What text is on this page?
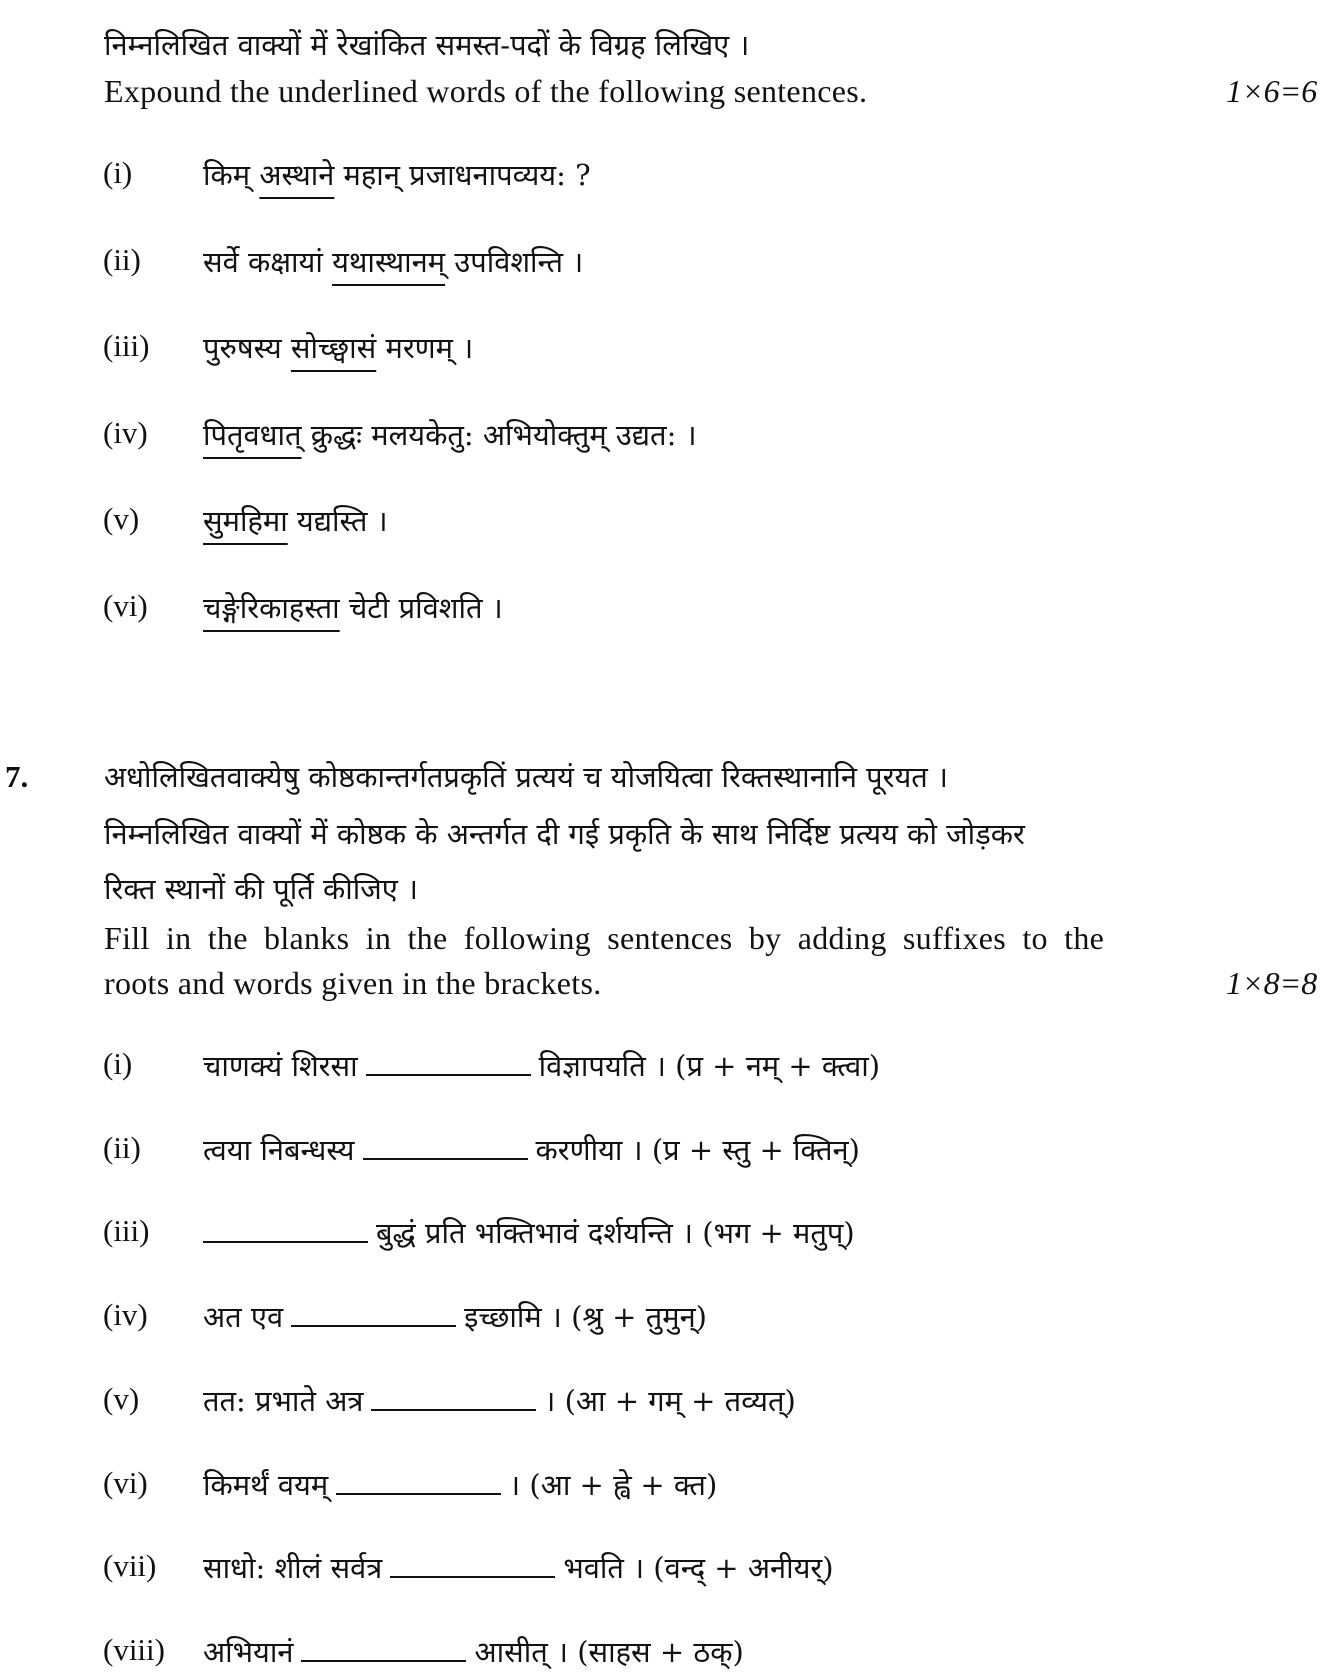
निम्नलिखित वाक्यों में रेखांकित समस्त-पदों के विग्रह लिखिए ।
Expound the underlined words of the following sentences.	1×6=6
(i) किम् अस्थाने महान् प्रजाधनापव्यय: ?
(ii) सर्वे कक्षायां यथास्थानम् उपविशन्ति ।
(iii) पुरुषस्य सोच्छ्वासं मरणम् ।
(iv) पितृवधात् क्रुद्धः मलयकेतु: अभियोक्तुम् उद्यत: ।
(v) सुमहिमा यद्यस्ति ।
(vi) चङ्गेरिकाहस्ता चेटी प्रविशति ।
7.	अधोलिखितवाक्येषु कोष्ठकान्तर्गतप्रकृतिं प्रत्ययं च योजयित्वा रिक्तस्थानानि पूरयत ।
निम्नलिखित वाक्यों में कोष्ठक के अन्तर्गत दी गई प्रकृति के साथ निर्दिष्ट प्रत्यय को जोड़कर
रिक्त स्थानों की पूर्ति कीजिए ।
Fill in the blanks in the following sentences by adding suffixes to the
roots and words given in the brackets.	1×8=8
(i) चाणक्यं शिरसा	विज्ञापयति । (प्र + नम् + क्त्वा)
(ii) त्वया निबन्धस्य	करणीया । (प्र + स्तु + क्तिन्)
(iii)	बुद्धं प्रति भक्तिभावं दर्शयन्ति । (भग + मतुप्)
(iv) अत एव	इच्छामि । (श्रु + तुमुन्)
(v) तत: प्रभाते अत्र	। (आ + गम् + तव्यत्)
(vi) किमर्थं वयम्	। (आ + ह्वे + क्त)
(vii) साधो: शीलं सर्वत्र	भवति । (वन्द् + अनीयर्)
(viii) अभियानं	आसीत् । (साहस + ठक्)
